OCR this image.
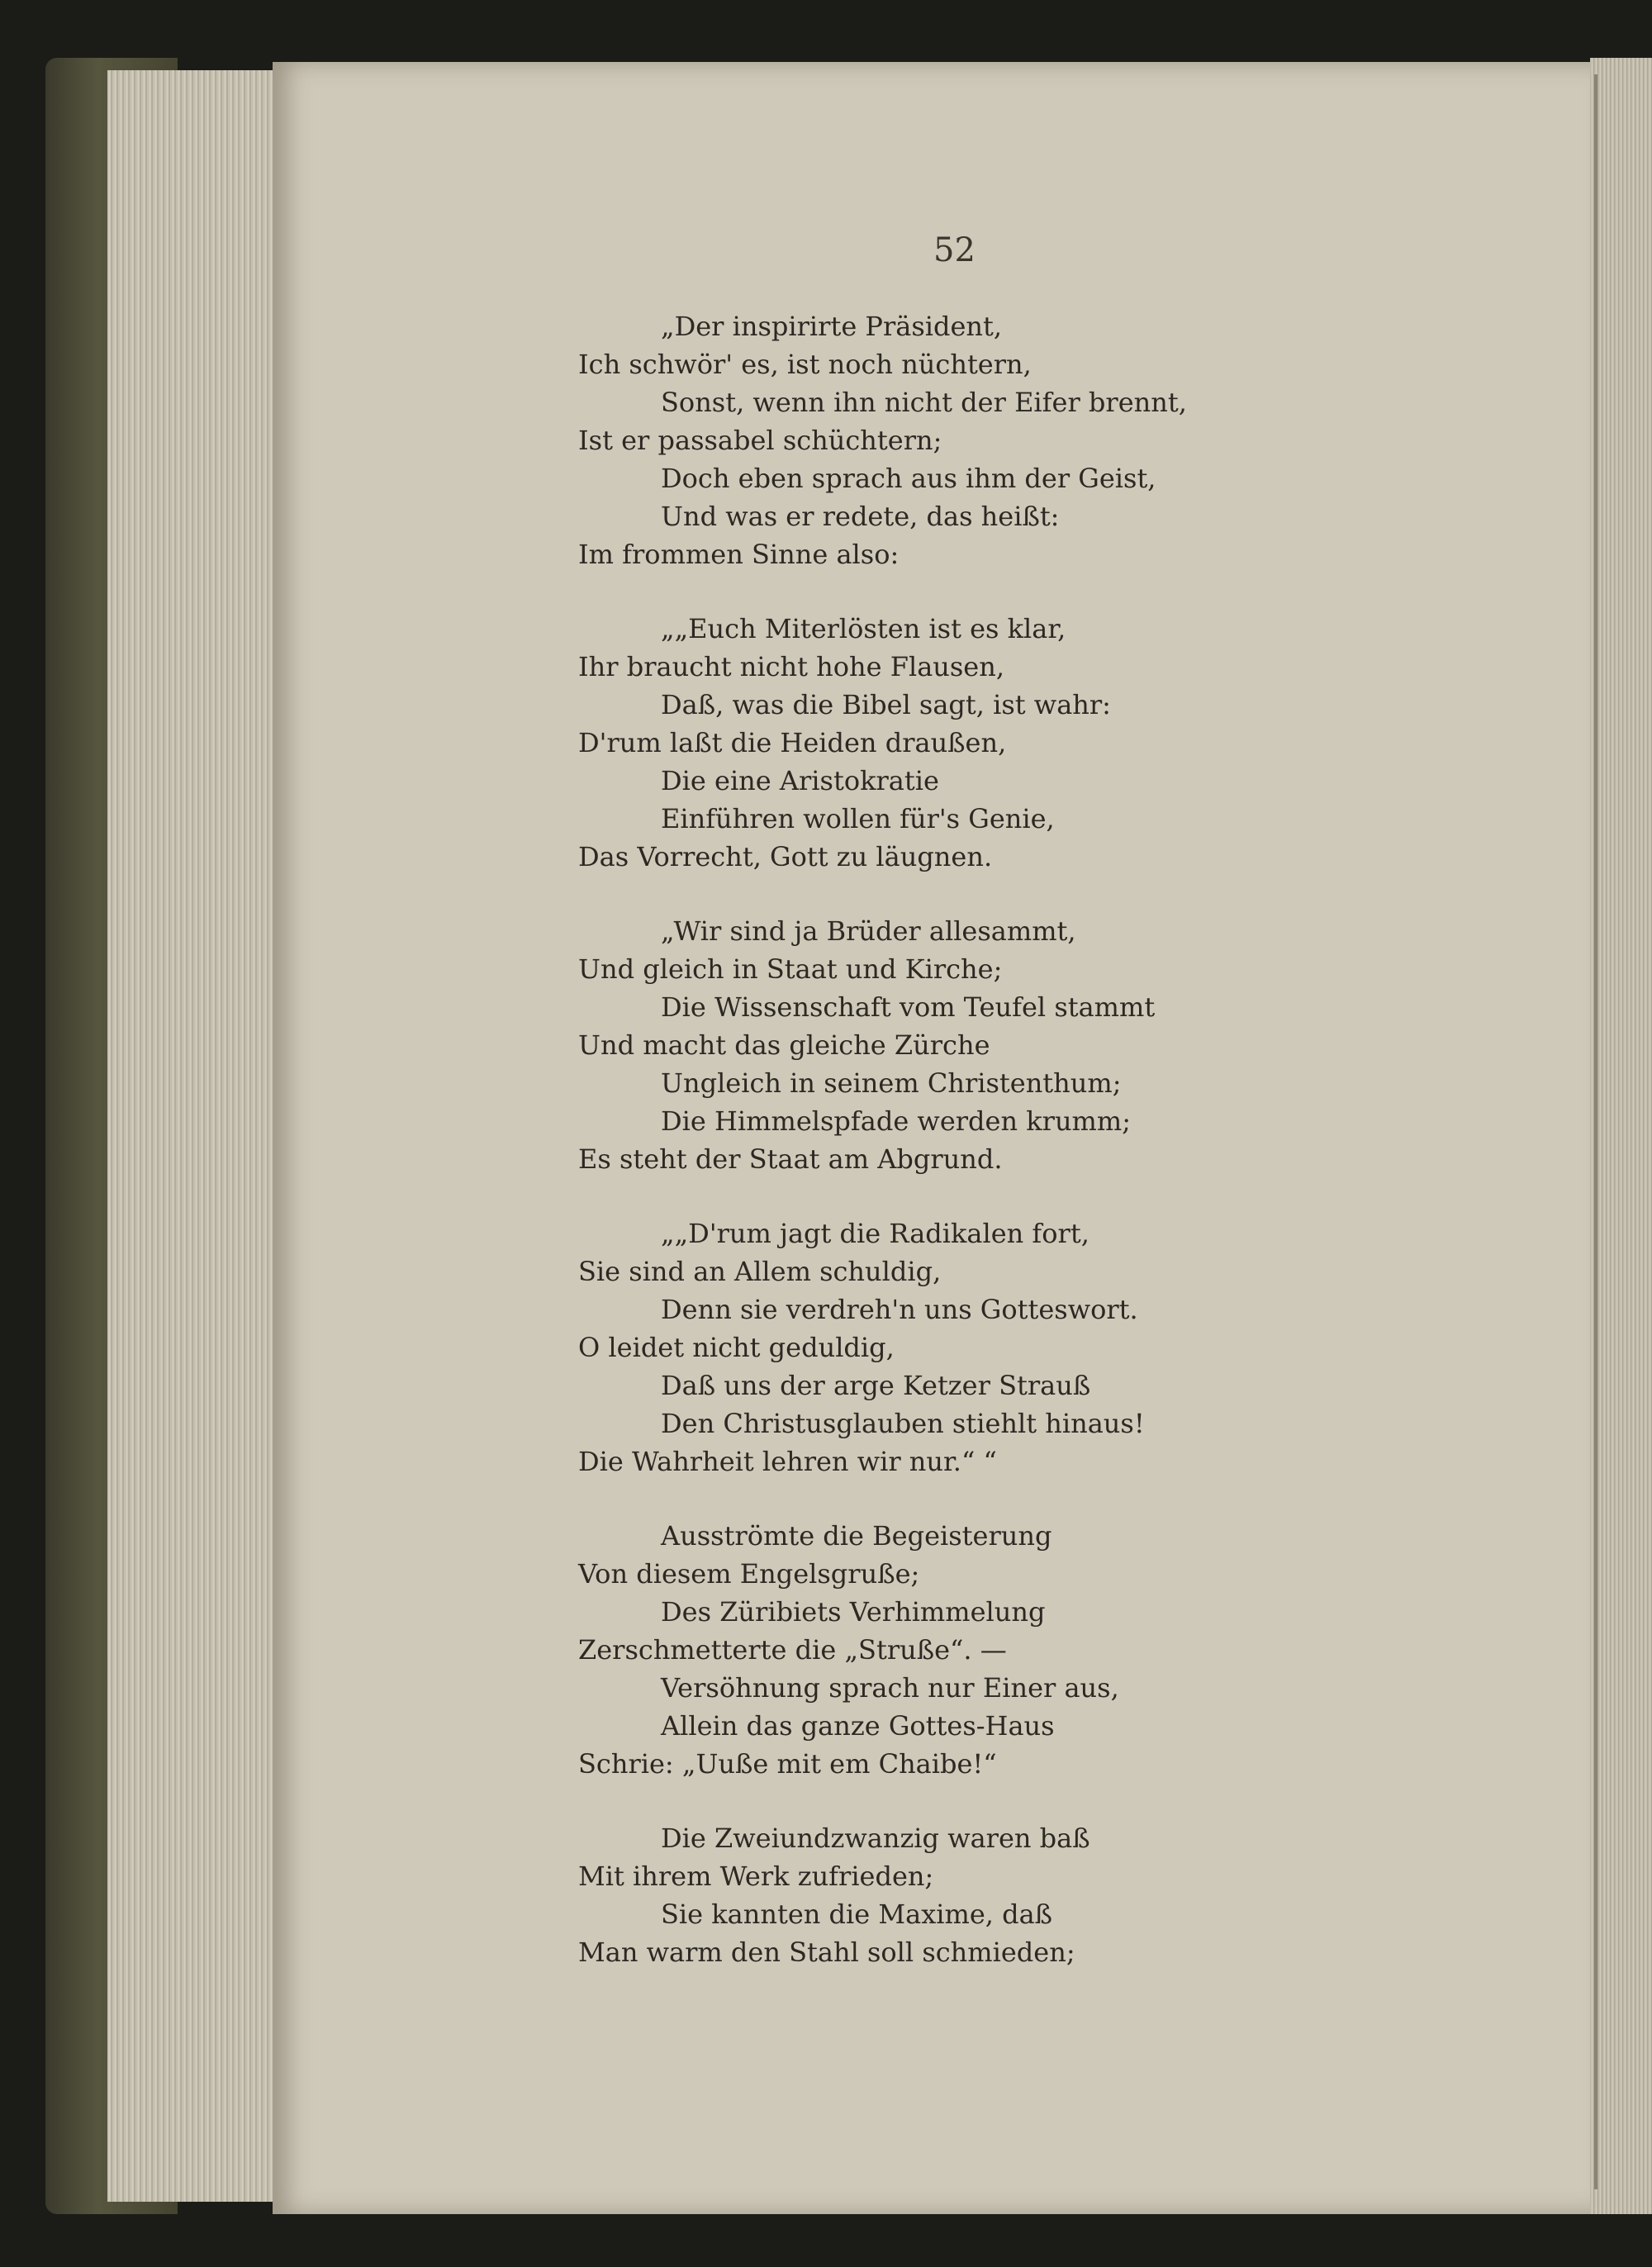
52
„Der inspirirte Präsident,
Ich schwör' es, ist noch nüchtern,
Sonst, wenn ihn nicht der Eifer brennt,
Ist er passabel schüchtern;
Doch eben sprach aus ihm der Geist,
Und was er redete, das heißt:
Im frommen Sinne also:
„„Euch Miterlösten ist es klar,
Ihr braucht nicht hohe Flausen,
Daß, was die Bibel sagt, ist wahr:
D'rum laßt die Heiden draußen,
Die eine Aristokratie
Einführen wollen für's Genie,
Das Vorrecht, Gott zu läugnen.
„Wir sind ja Brüder allesammt,
Und gleich in Staat und Kirche;
Die Wissenschaft vom Teufel stammt
Und macht das gleiche Zürche
Ungleich in seinem Christenthum;
Die Himmelspfade werden krumm;
Es steht der Staat am Abgrund.
„„D'rum jagt die Radikalen fort,
Sie sind an Allem schuldig,
Denn sie verdreh'n uns Gotteswort.
O leidet nicht geduldig,
Daß uns der arge Ketzer Strauß
Den Christusglauben stiehlt hinaus!
Die Wahrheit lehren wir nur.“ “
Ausströmte die Begeisterung
Von diesem Engelsgruße;
Des Züribiets Verhimmelung
Zerschmetterte die „Struße“. —
Versöhnung sprach nur Einer aus,
Allein das ganze Gottes-Haus
Schrie: „Uuße mit em Chaibe!“
Die Zweiundzwanzig waren baß
Mit ihrem Werk zufrieden;
Sie kannten die Maxime, daß
Man warm den Stahl soll schmieden;
